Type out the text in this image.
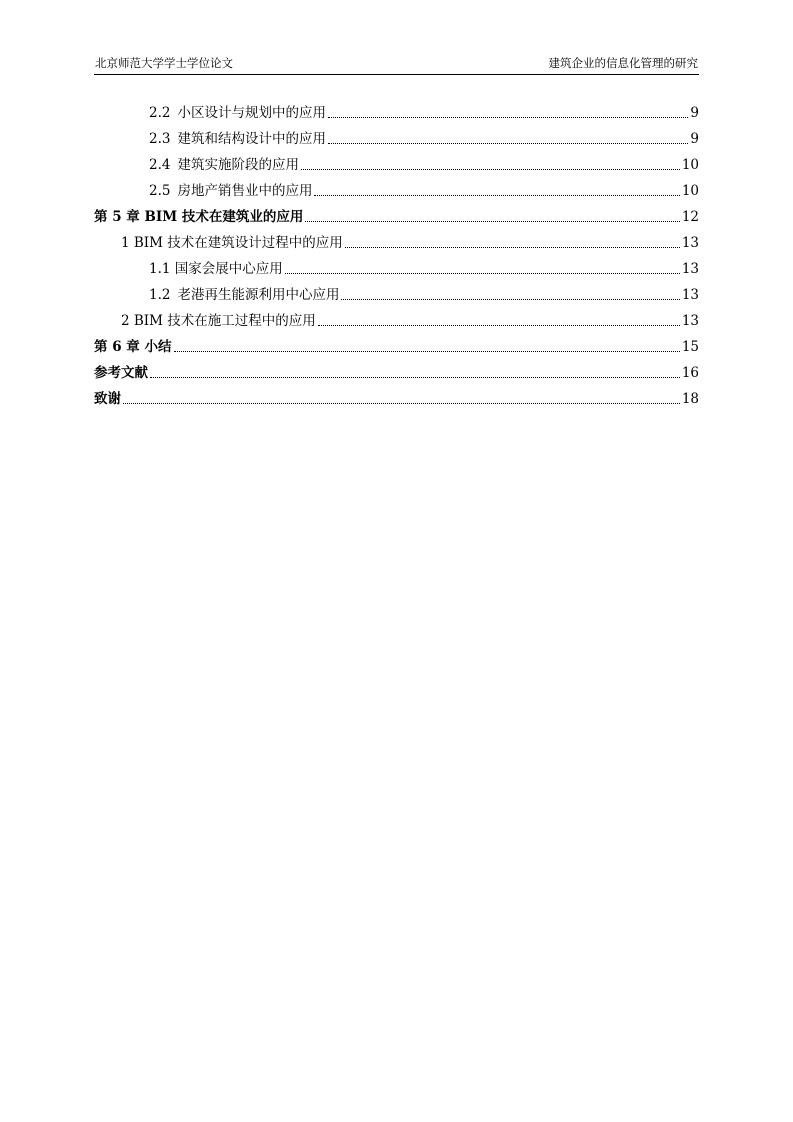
北京师范大学学士学位论文	建筑企业的信息化管理的研究
2.2 小区设计与规划中的应用	9
2.3 建筑和结构设计中的应用	9
2.4 建筑实施阶段的应用	10
2.5 房地产销售业中的应用	10
第 5 章 BIM 技术在建筑业的应用	12
1 BIM 技术在建筑设计过程中的应用	13
1.1 国家会展中心应用	13
1.2 老港再生能源利用中心应用	13
2 BIM 技术在施工过程中的应用	13
第 6 章 小结	15
参考文献	16
致谢	18
